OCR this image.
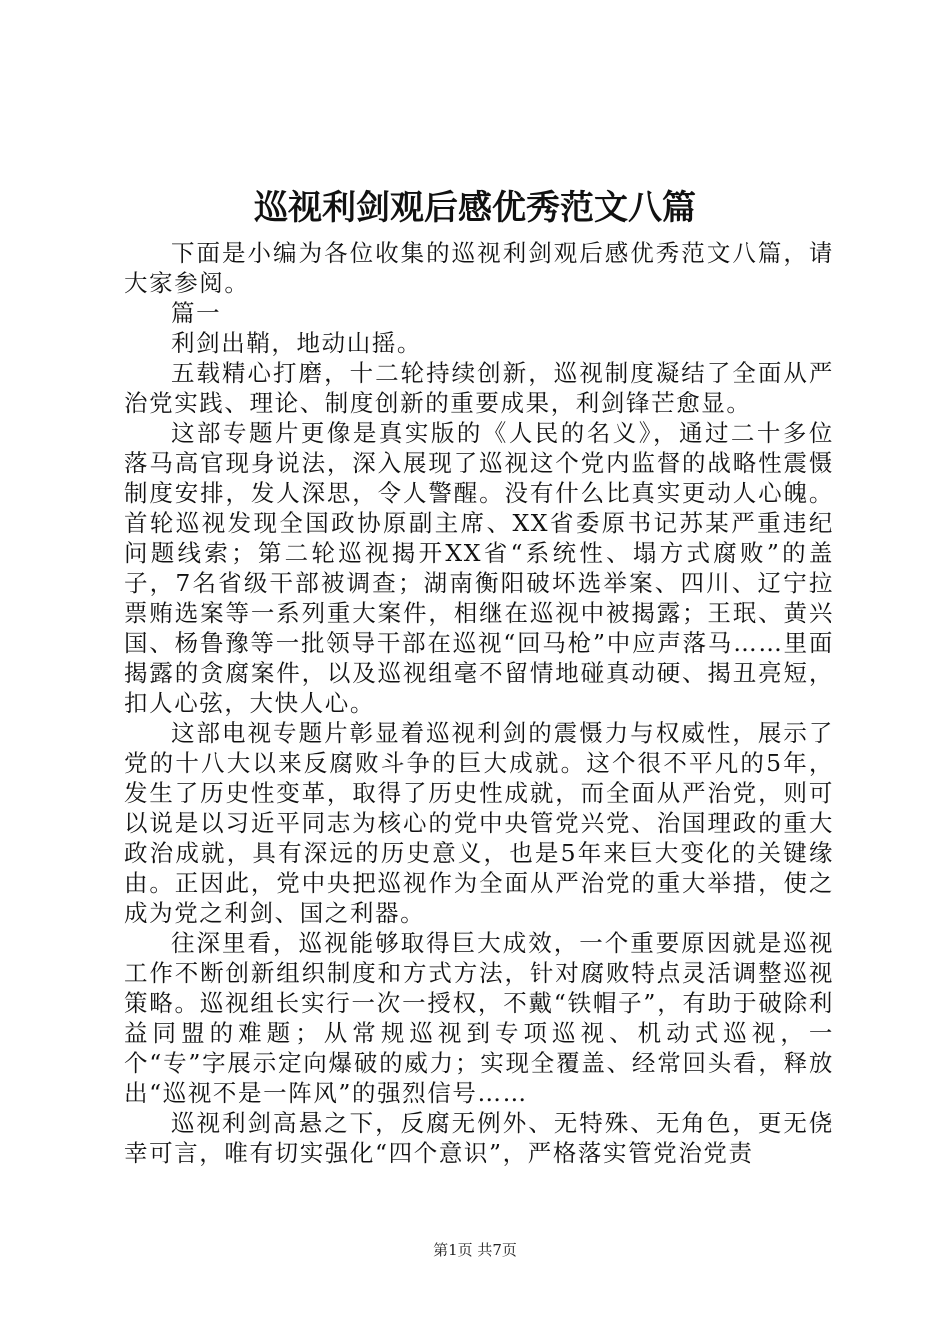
巡视利剑观后感优秀范文八篇

下面是小编为各位收集的巡视利剑观后感优秀范文八篇，请大家参阅。

篇一

利剑出鞘，地动山摇。

五载精心打磨，十二轮持续创新，巡视制度凝结了全面从严治党实践、理论、制度创新的重要成果，利剑锋芒愈显。

这部专题片更像是真实版的《人民的名义》，通过二十多位落马高官现身说法，深入展现了巡视这个党内监督的战略性震慑制度安排，发人深思，令人警醒。没有什么比真实更动人心魄。首轮巡视发现全国政协原副主席、XX省委原书记苏某严重违纪问题线索；第二轮巡视揭开XX省“系统性、塌方式腐败”的盖子，7名省级干部被调查；湖南衡阳破坏选举案、四川、辽宁拉票贿选案等一系列重大案件，相继在巡视中被揭露；王珉、黄兴国、杨鲁豫等一批领导干部在巡视“回马枪”中应声落马……里面揭露的贪腐案件，以及巡视组毫不留情地碰真动硬、揭丑亮短，扣人心弦，大快人心。

这部电视专题片彰显着巡视利剑的震慑力与权威性，展示了党的十八大以来反腐败斗争的巨大成就。这个很不平凡的5年，发生了历史性变革，取得了历史性成就，而全面从严治党，则可以说是以习近平同志为核心的党中央管党兴党、治国理政的重大政治成就，具有深远的历史意义，也是5年来巨大变化的关键缘由。正因此，党中央把巡视作为全面从严治党的重大举措，使之成为党之利剑、国之利器。

往深里看，巡视能够取得巨大成效，一个重要原因就是巡视工作不断创新组织制度和方式方法，针对腐败特点灵活调整巡视策略。巡视组长实行一次一授权，不戴“铁帽子”，有助于破除利益同盟的难题；从常规巡视到专项巡视、机动式巡视，一个“专”字展示定向爆破的威力；实现全覆盖、经常回头看，释放出“巡视不是一阵风”的强烈信号……

巡视利剑高悬之下，反腐无例外、无特殊、无角色，更无侥幸可言，唯有切实强化“四个意识”，严格落实管党治党责

第1页 共7页
